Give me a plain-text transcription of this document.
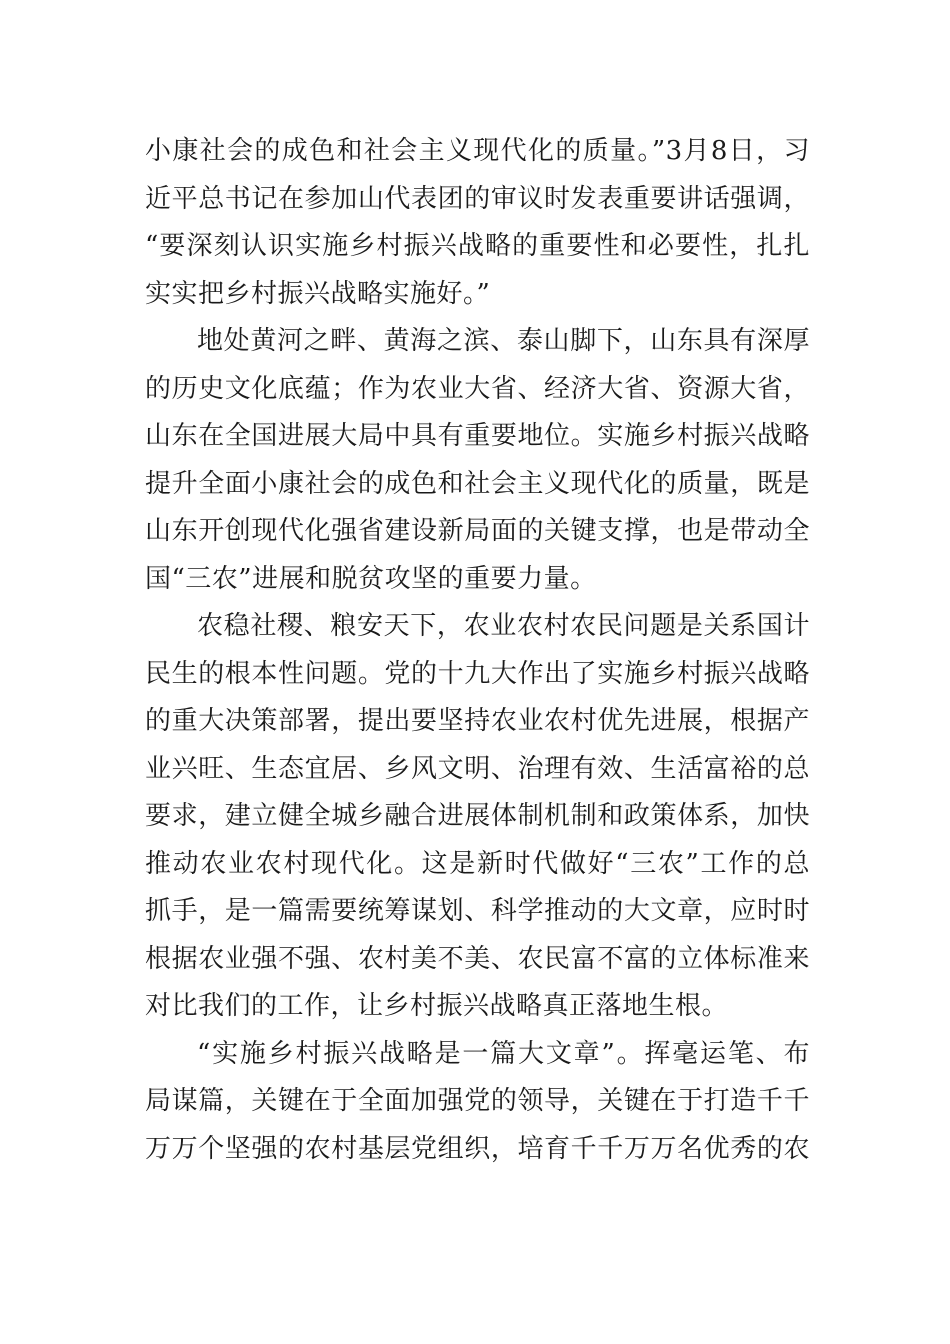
小康社会的成色和社会主义现代化的质量。”3月8日，习
近平总书记在参加山代表团的审议时发表重要讲话强调，
“要深刻认识实施乡村振兴战略的重要性和必要性，扎扎
实实把乡村振兴战略实施好。”
地处黄河之畔、黄海之滨、泰山脚下，山东具有深厚
的历史文化底蕴；作为农业大省、经济大省、资源大省，
山东在全国进展大局中具有重要地位。实施乡村振兴战略
提升全面小康社会的成色和社会主义现代化的质量，既是
山东开创现代化强省建设新局面的关键支撑，也是带动全
国“三农”进展和脱贫攻坚的重要力量。
农稳社稷、粮安天下，农业农村农民问题是关系国计
民生的根本性问题。党的十九大作出了实施乡村振兴战略
的重大决策部署，提出要坚持农业农村优先进展，根据产
业兴旺、生态宜居、乡风文明、治理有效、生活富裕的总
要求，建立健全城乡融合进展体制机制和政策体系，加快
推动农业农村现代化。这是新时代做好“三农”工作的总
抓手，是一篇需要统筹谋划、科学推动的大文章，应时时
根据农业强不强、农村美不美、农民富不富的立体标准来
对比我们的工作，让乡村振兴战略真正落地生根。
“实施乡村振兴战略是一篇大文章”。挥毫运笔、布
局谋篇，关键在于全面加强党的领导，关键在于打造千千
万万个坚强的农村基层党组织，培育千千万万名优秀的农
